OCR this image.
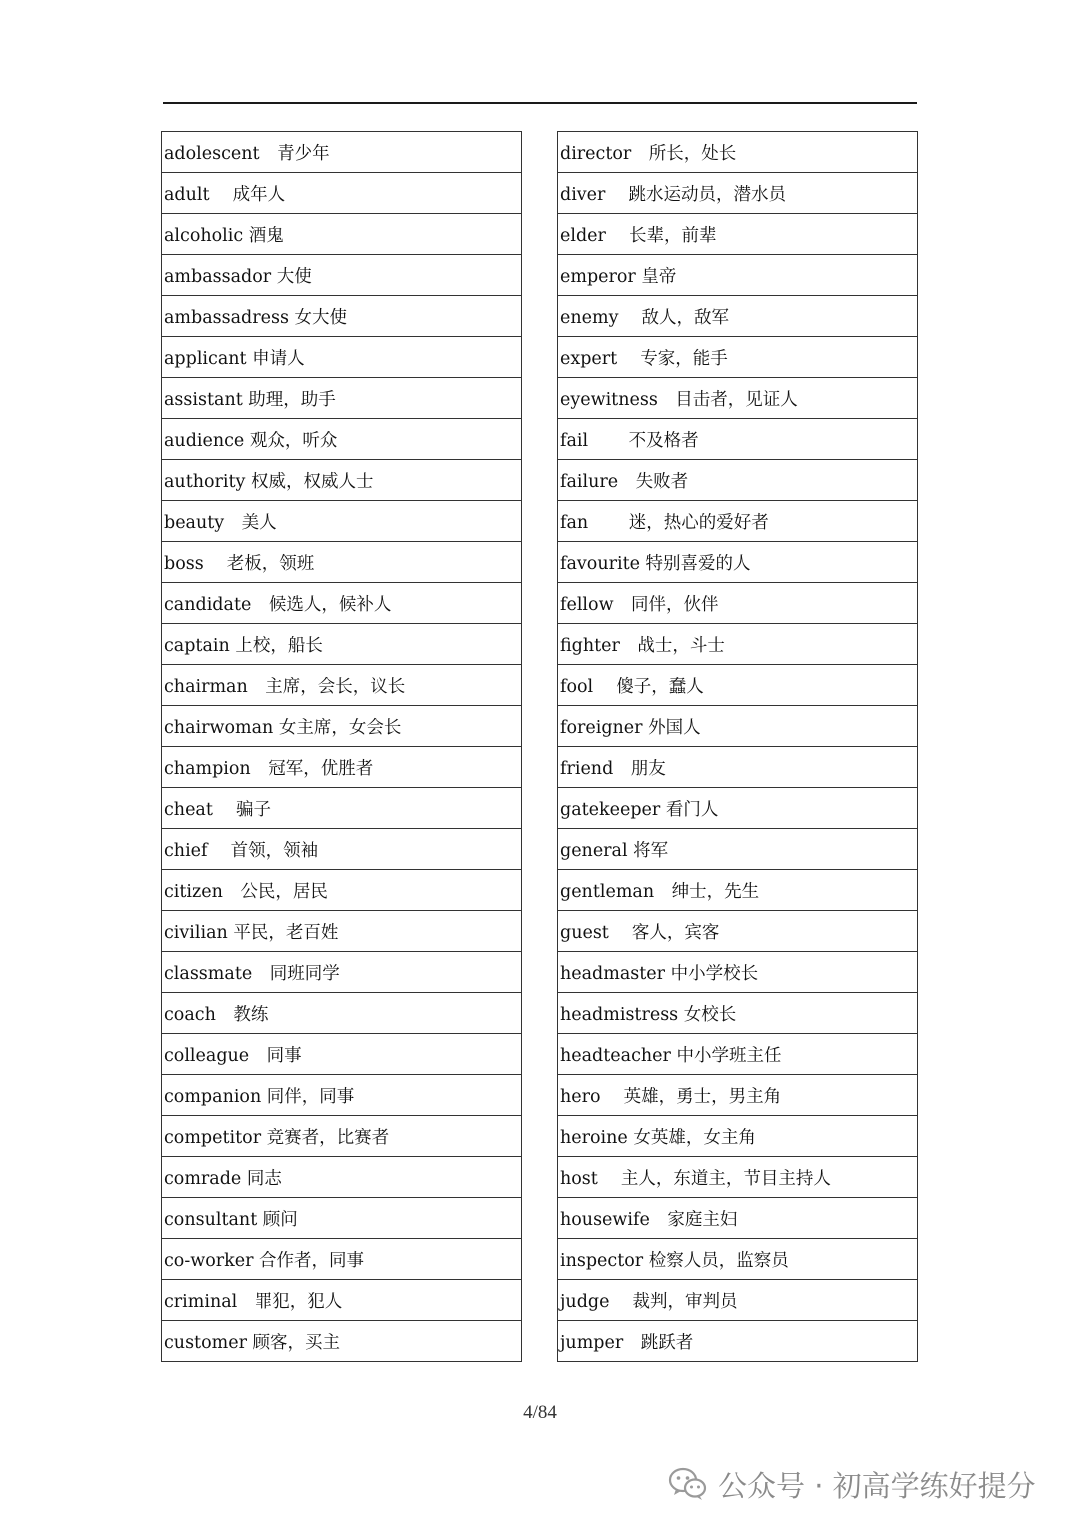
adolescent　青少年
adult　 成年人
alcoholic 酒鬼
ambassador 大使
ambassadress 女大使
applicant 申请人
assistant 助理，助手
audience 观众，听众
authority 权威，权威人士
beauty　美人
boss　 老板，领班
candidate　候选人，候补人
captain 上校，船长
chairman　主席，会长，议长
chairwoman 女主席，女会长
champion　冠军，优胜者
cheat　 骗子
chief　 首领，领袖
citizen　公民，居民
civilian 平民，老百姓
classmate　同班同学
coach　教练
colleague　同事
companion 同伴，同事
competitor 竞赛者，比赛者
comrade 同志
consultant 顾问
co-worker 合作者，同事
criminal　罪犯，犯人
customer 顾客，买主
director　所长，处长
diver　 跳水运动员，潜水员
elder　 长辈，前辈
emperor 皇帝
enemy　 敌人，敌军
expert　 专家，能手
eyewitness　目击者，见证人
fail　　 不及格者
failure　失败者
fan　　 迷，热心的爱好者
favourite 特别喜爱的人
fellow　同伴，伙伴
fighter　战士，斗士
fool　 傻子，蠢人
foreigner 外国人
friend　朋友
gatekeeper 看门人
general 将军
gentleman　绅士，先生
guest　 客人，宾客
headmaster 中小学校长
headmistress 女校长
headteacher 中小学班主任
hero　 英雄，勇士，男主角
heroine 女英雄，女主角
host　 主人，东道主，节目主持人
housewife　家庭主妇
inspector 检察人员，监察员
judge　 裁判，审判员
jumper　跳跃者
4/84
公众号 · 初高学练好提分
